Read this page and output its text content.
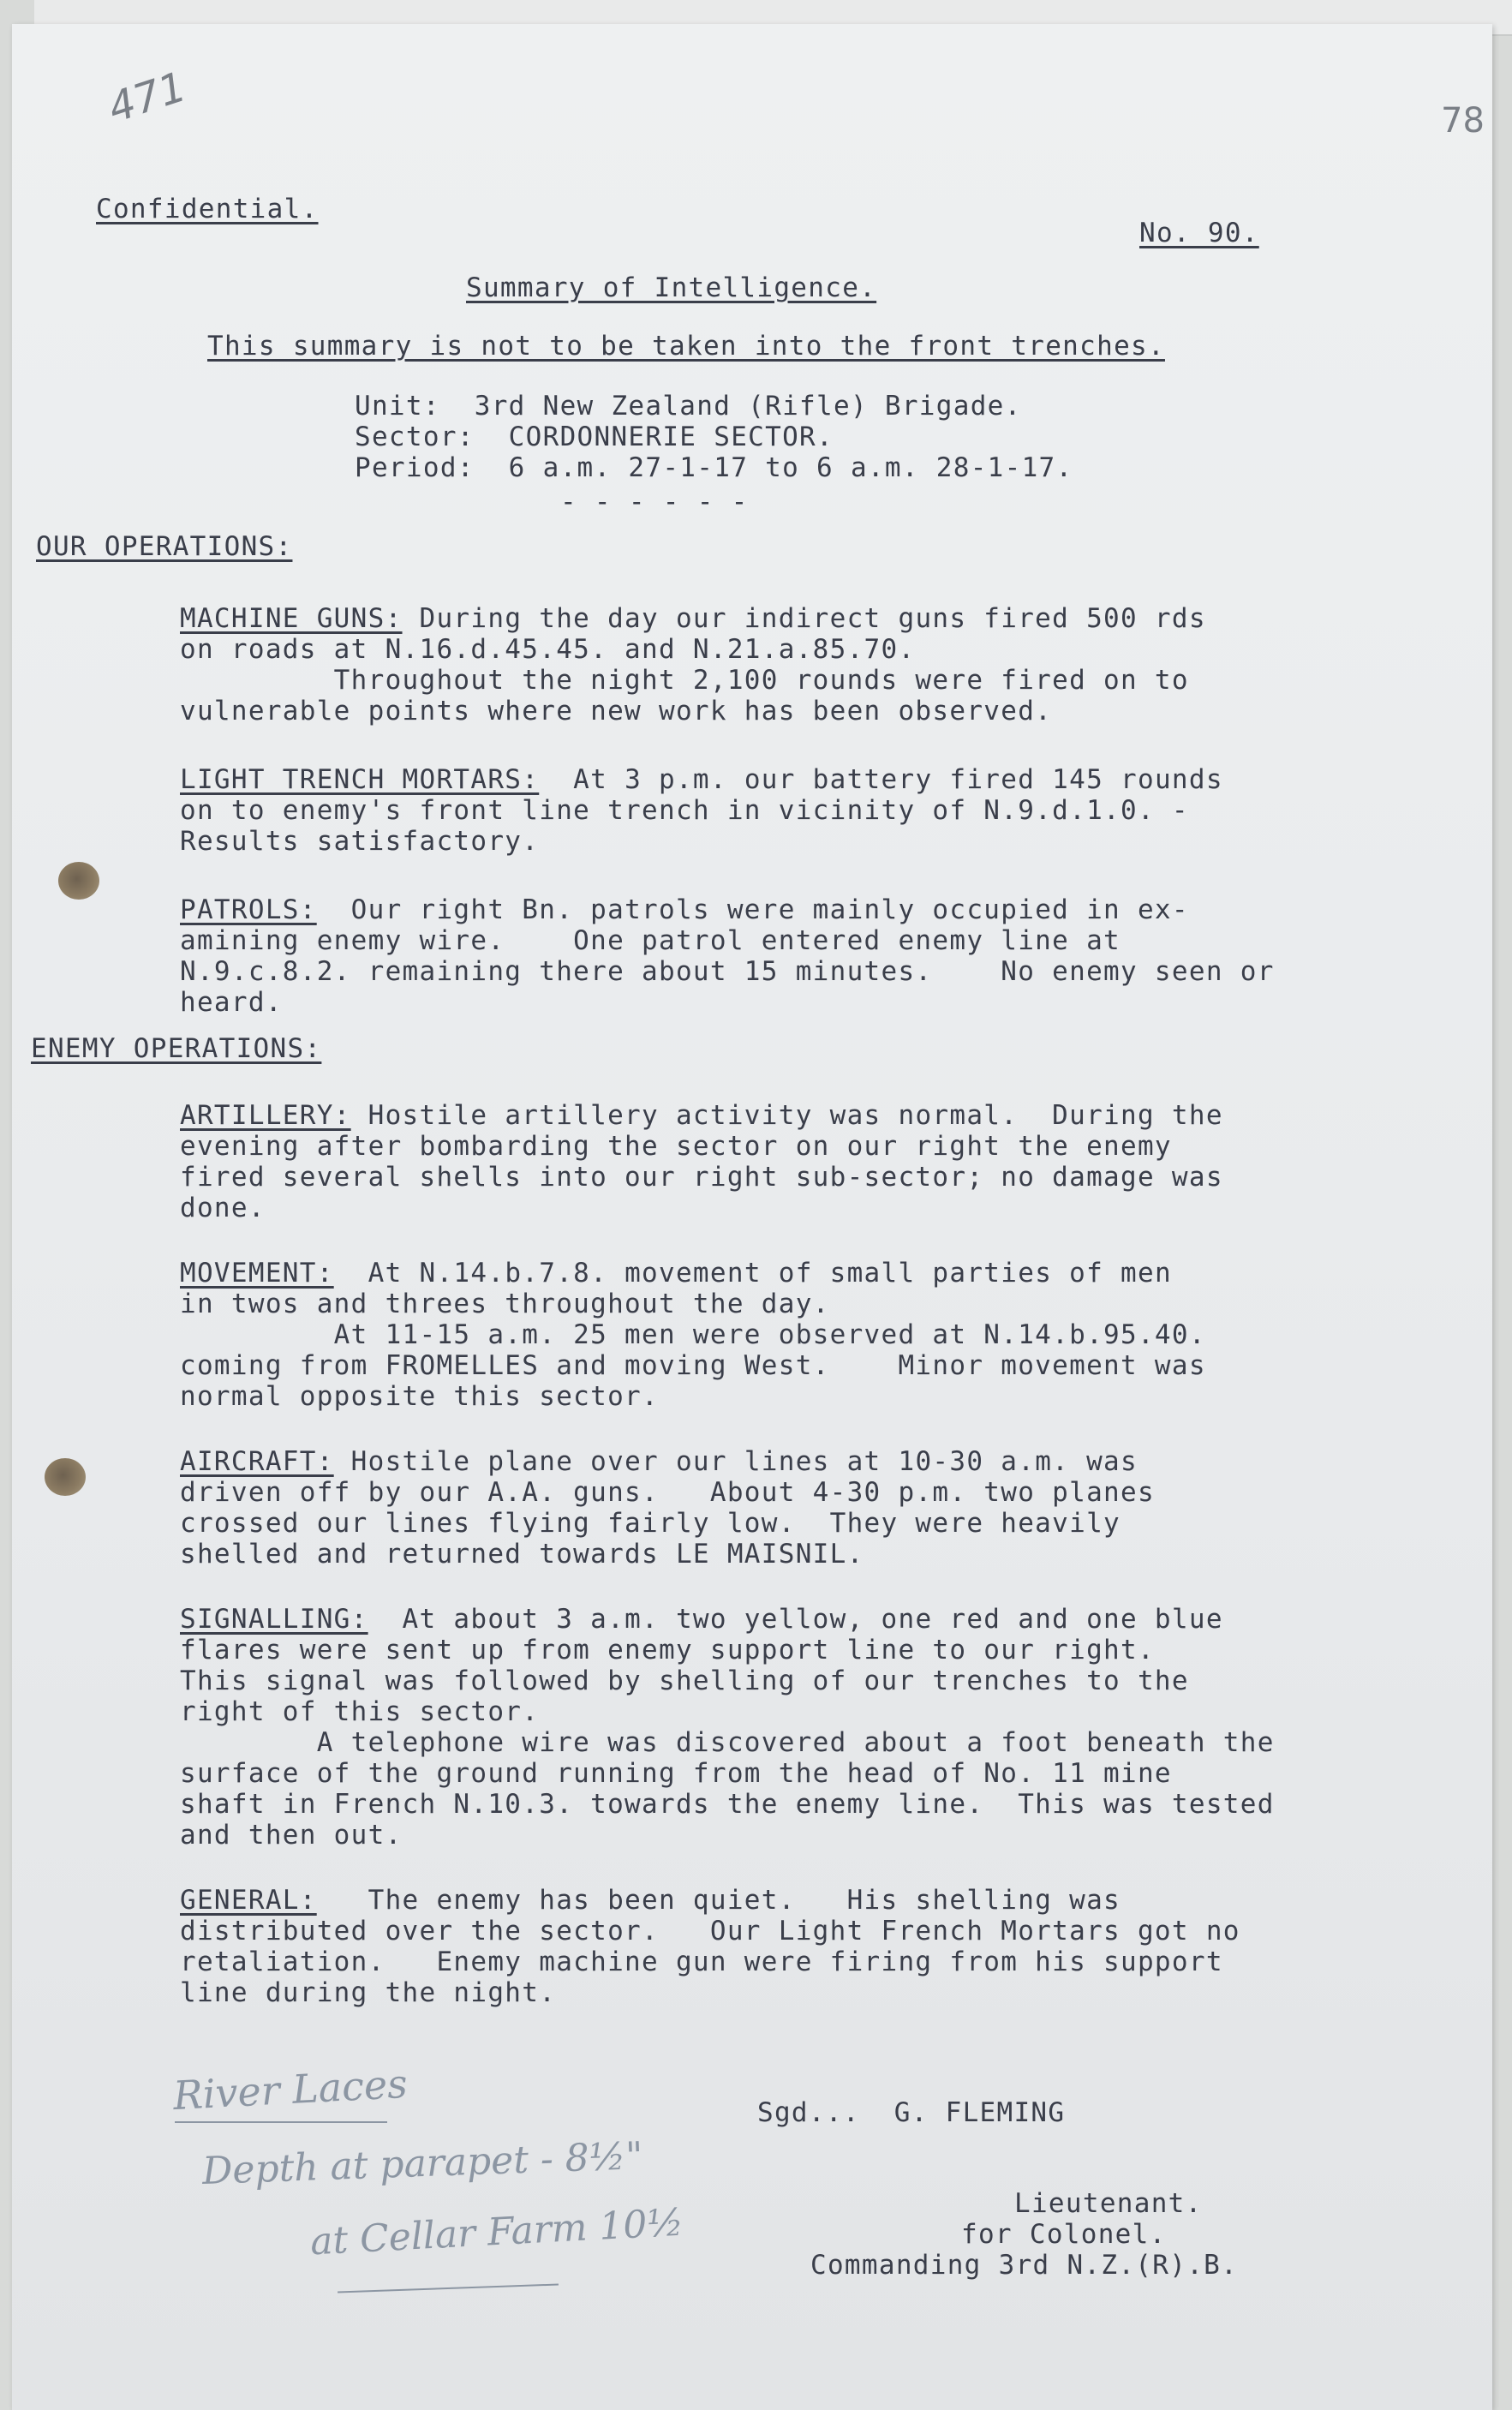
471	78
Confidential.
No. 90.
Summary of Intelligence.
This summary is not to be taken into the front trenches.
Unit:  3rd New Zealand (Rifle) Brigade.
Sector:  CORDONNERIE SECTOR.
Period:  6 a.m. 27-1-17 to 6 a.m. 28-1-17.
- - - - - -
OUR OPERATIONS:
MACHINE GUNS: During the day our indirect guns fired 500 rds
on roads at N.16.d.45.45. and N.21.a.85.70.
Throughout the night 2,100 rounds were fired on to
vulnerable points where new work has been observed.
LIGHT TRENCH MORTARS:  At 3 p.m. our battery fired 145 rounds
on to enemy's front line trench in vicinity of N.9.d.1.0. -
Results satisfactory.
PATROLS:  Our right Bn. patrols were mainly occupied in ex-
amining enemy wire.    One patrol entered enemy line at
N.9.c.8.2. remaining there about 15 minutes.    No enemy seen or
heard.
ENEMY OPERATIONS:
ARTILLERY: Hostile artillery activity was normal.  During the
evening after bombarding the sector on our right the enemy
fired several shells into our right sub-sector; no damage was
done.
MOVEMENT:  At N.14.b.7.8. movement of small parties of men
in twos and threes throughout the day.
At 11-15 a.m. 25 men were observed at N.14.b.95.40.
coming from FROMELLES and moving West.    Minor movement was
normal opposite this sector.
AIRCRAFT: Hostile plane over our lines at 10-30 a.m. was
driven off by our A.A. guns.   About 4-30 p.m. two planes
crossed our lines flying fairly low.  They were heavily
shelled and returned towards LE MAISNIL.
SIGNALLING:  At about 3 a.m. two yellow, one red and one blue
flares were sent up from enemy support line to our right.
This signal was followed by shelling of our trenches to the
right of this sector.
A telephone wire was discovered about a foot beneath the
surface of the ground running from the head of No. 11 mine
shaft in French N.10.3. towards the enemy line.  This was tested
and then out.
GENERAL:   The enemy has been quiet.   His shelling was
distributed over the sector.   Our Light French Mortars got no
retaliation.   Enemy machine gun were firing from his support
line during the night.
Sgd...  G. FLEMING
Lieutenant.
for Colonel.
Commanding 3rd N.Z.(R).B.
River Laces
Depth at parapet - 8½"
at Cellar Farm 10½
